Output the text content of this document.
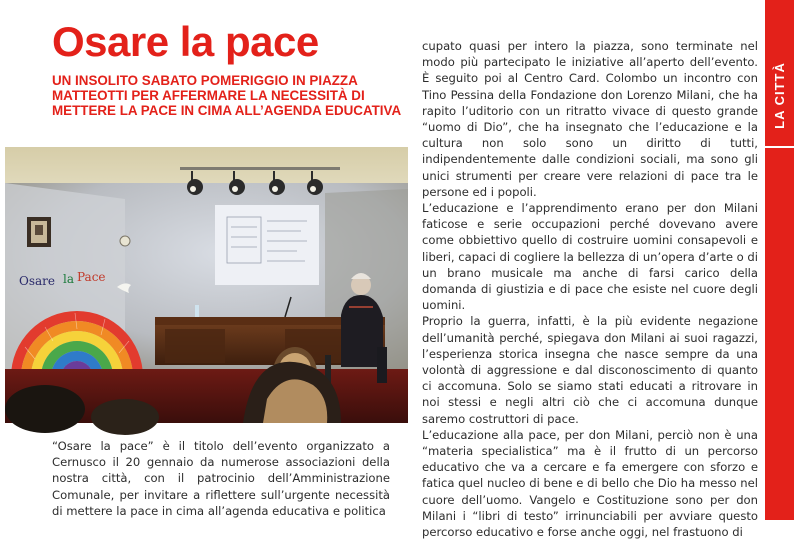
Osare la pace
UN INSOLITO SABATO POMERIGGIO IN PIAZZA MATTEOTTI PER AFFERMARE LA NECESSITÀ DI METTERE LA PACE IN CIMA ALL’AGENDA EDUCATIVA
Osare la Pace

“Osare la pace” è il titolo dell’evento organizzato a Cernusco il 20 gennaio da numerose associazioni della nostra città, con il patrocinio dell’Amministrazione Comunale, per invitare a riflettere sull’urgente necessità di mettere la pace in cima all’agenda educativa e politica

cupato quasi per intero la piazza, sono terminate nel modo più partecipato le iniziative all’aperto dell’evento. È seguito poi al Centro Card. Colombo un incontro con Tino Pessina della Fondazione don Lorenzo Milani, che ha rapito l’uditorio con un ritratto vivace di questo grande “uomo di Dio”, che ha insegnato che l’educazione e la cultura non solo sono un diritto di tutti, indipendentemente dalle condizioni sociali, ma sono gli unici strumenti per creare vere relazioni di pace tra le persone ed i popoli.

L’educazione e l’apprendimento erano per don Milani faticose e serie occupazioni perché dovevano avere come obbiettivo quello di costruire uomini consapevoli e liberi, capaci di cogliere la bellezza di un’opera d’arte o di un brano musicale ma anche di farsi carico della domanda di giustizia e di pace che esiste nel cuore degli uomini.

Proprio la guerra, infatti, è la più evidente negazione dell’umanità perché, spiegava don Milani ai suoi ragazzi, l’esperienza storica insegna che nasce sempre da una volontà di aggressione e dal disconoscimento di quanto ci accomuna. Solo se siamo stati educati a ritrovare in noi stessi e negli altri ciò che ci accomuna dunque saremo costruttori di pace.

L’educazione alla pace, per don Milani, perciò non è una “materia specialistica” ma è il frutto di un percorso educativo che va a cercare e fa emergere con sforzo e fatica quel nucleo di bene e di bello che Dio ha messo nel cuore dell’uomo. Vangelo e Costituzione sono per don Milani i “libri di testo” irrinunciabili per avviare questo percorso educativo e forse anche oggi, nel frastuono di

LA CITTÀ
